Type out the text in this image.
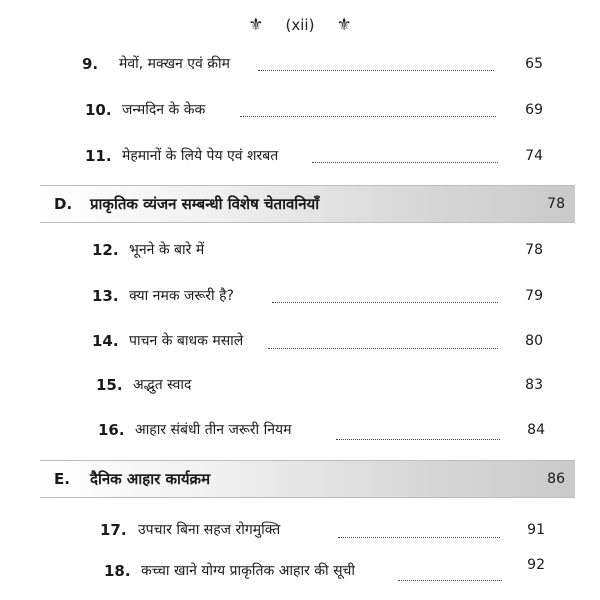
⚜ (xii) ⚜
9. मेवों, मक्खन एवं क्रीम	65
10. जन्मदिन के केक	69
11. मेहमानों के लिये पेय एवं शरबत	74
D. प्राकृतिक व्यंजन सम्बन्धी विशेष चेतावनियाँ	78
12. भूनने के बारे में	78
13. क्या नमक जरूरी है?	79
14. पाचन के बाधक मसाले	80
15. अद्भुत स्वाद	83
16. आहार संबंधी तीन जरूरी नियम	84
E. दैनिक आहार कार्यक्रम	86
17. उपचार बिना सहज रोगमुक्ति	91
18. कच्चा खाने योग्य प्राकृतिक आहार की सूची	92
